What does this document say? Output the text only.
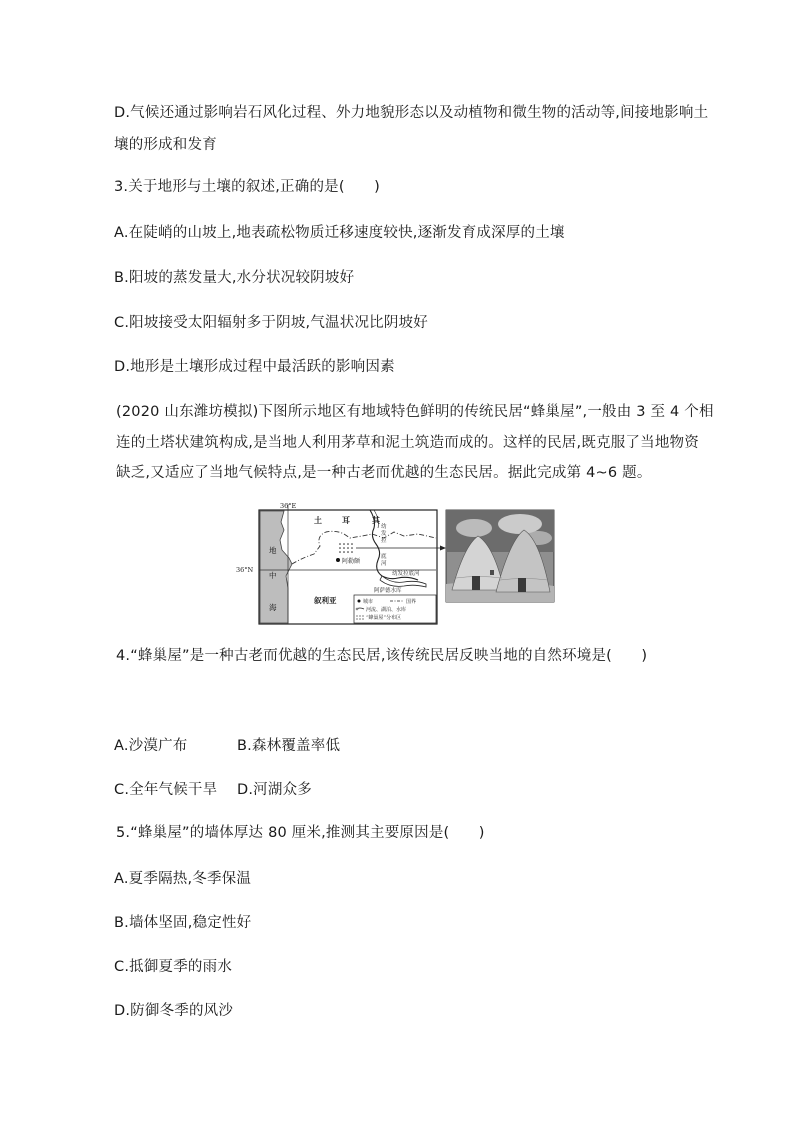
D.气候还通过影响岩石风化过程、外力地貌形态以及动植物和微生物的活动等,间接地影响土
壤的形成和发育
3.关于地形与土壤的叙述,正确的是(　　)
A.在陡峭的山坡上,地表疏松物质迁移速度较快,逐渐发育成深厚的土壤
B.阳坡的蒸发量大,水分状况较阴坡好
C.阳坡接受太阳辐射多于阴坡,气温状况比阴坡好
D.地形是土壤形成过程中最活跃的影响因素
(2020 山东潍坊模拟)下图所示地区有地域特色鲜明的传统民居“蜂巢屋”,一般由 3 至 4 个相
连的土塔状建筑构成,是当地人利用茅草和泥土筑造而成的。这样的民居,既克服了当地物资
缺乏,又适应了当地气候特点,是一种古老而优越的生态民居。据此完成第 4~6 题。
36°E
36°N
土	耳	其
地
中
海
叙利亚
阿勒颇
幼
发
拉
底
河
幼发拉底河
阿萨德水库
城市	国界
河流、湖泊、水库
“蜂巢屋”分布区
4.“蜂巢屋”是一种古老而优越的生态民居,该传统民居反映当地的自然环境是(　　)
A.沙漠广布	B.森林覆盖率低
C.全年气候干旱 D.河湖众多
5.“蜂巢屋”的墙体厚达 80 厘米,推测其主要原因是(　　)
A.夏季隔热,冬季保温
B.墙体坚固,稳定性好
C.抵御夏季的雨水
D.防御冬季的风沙
